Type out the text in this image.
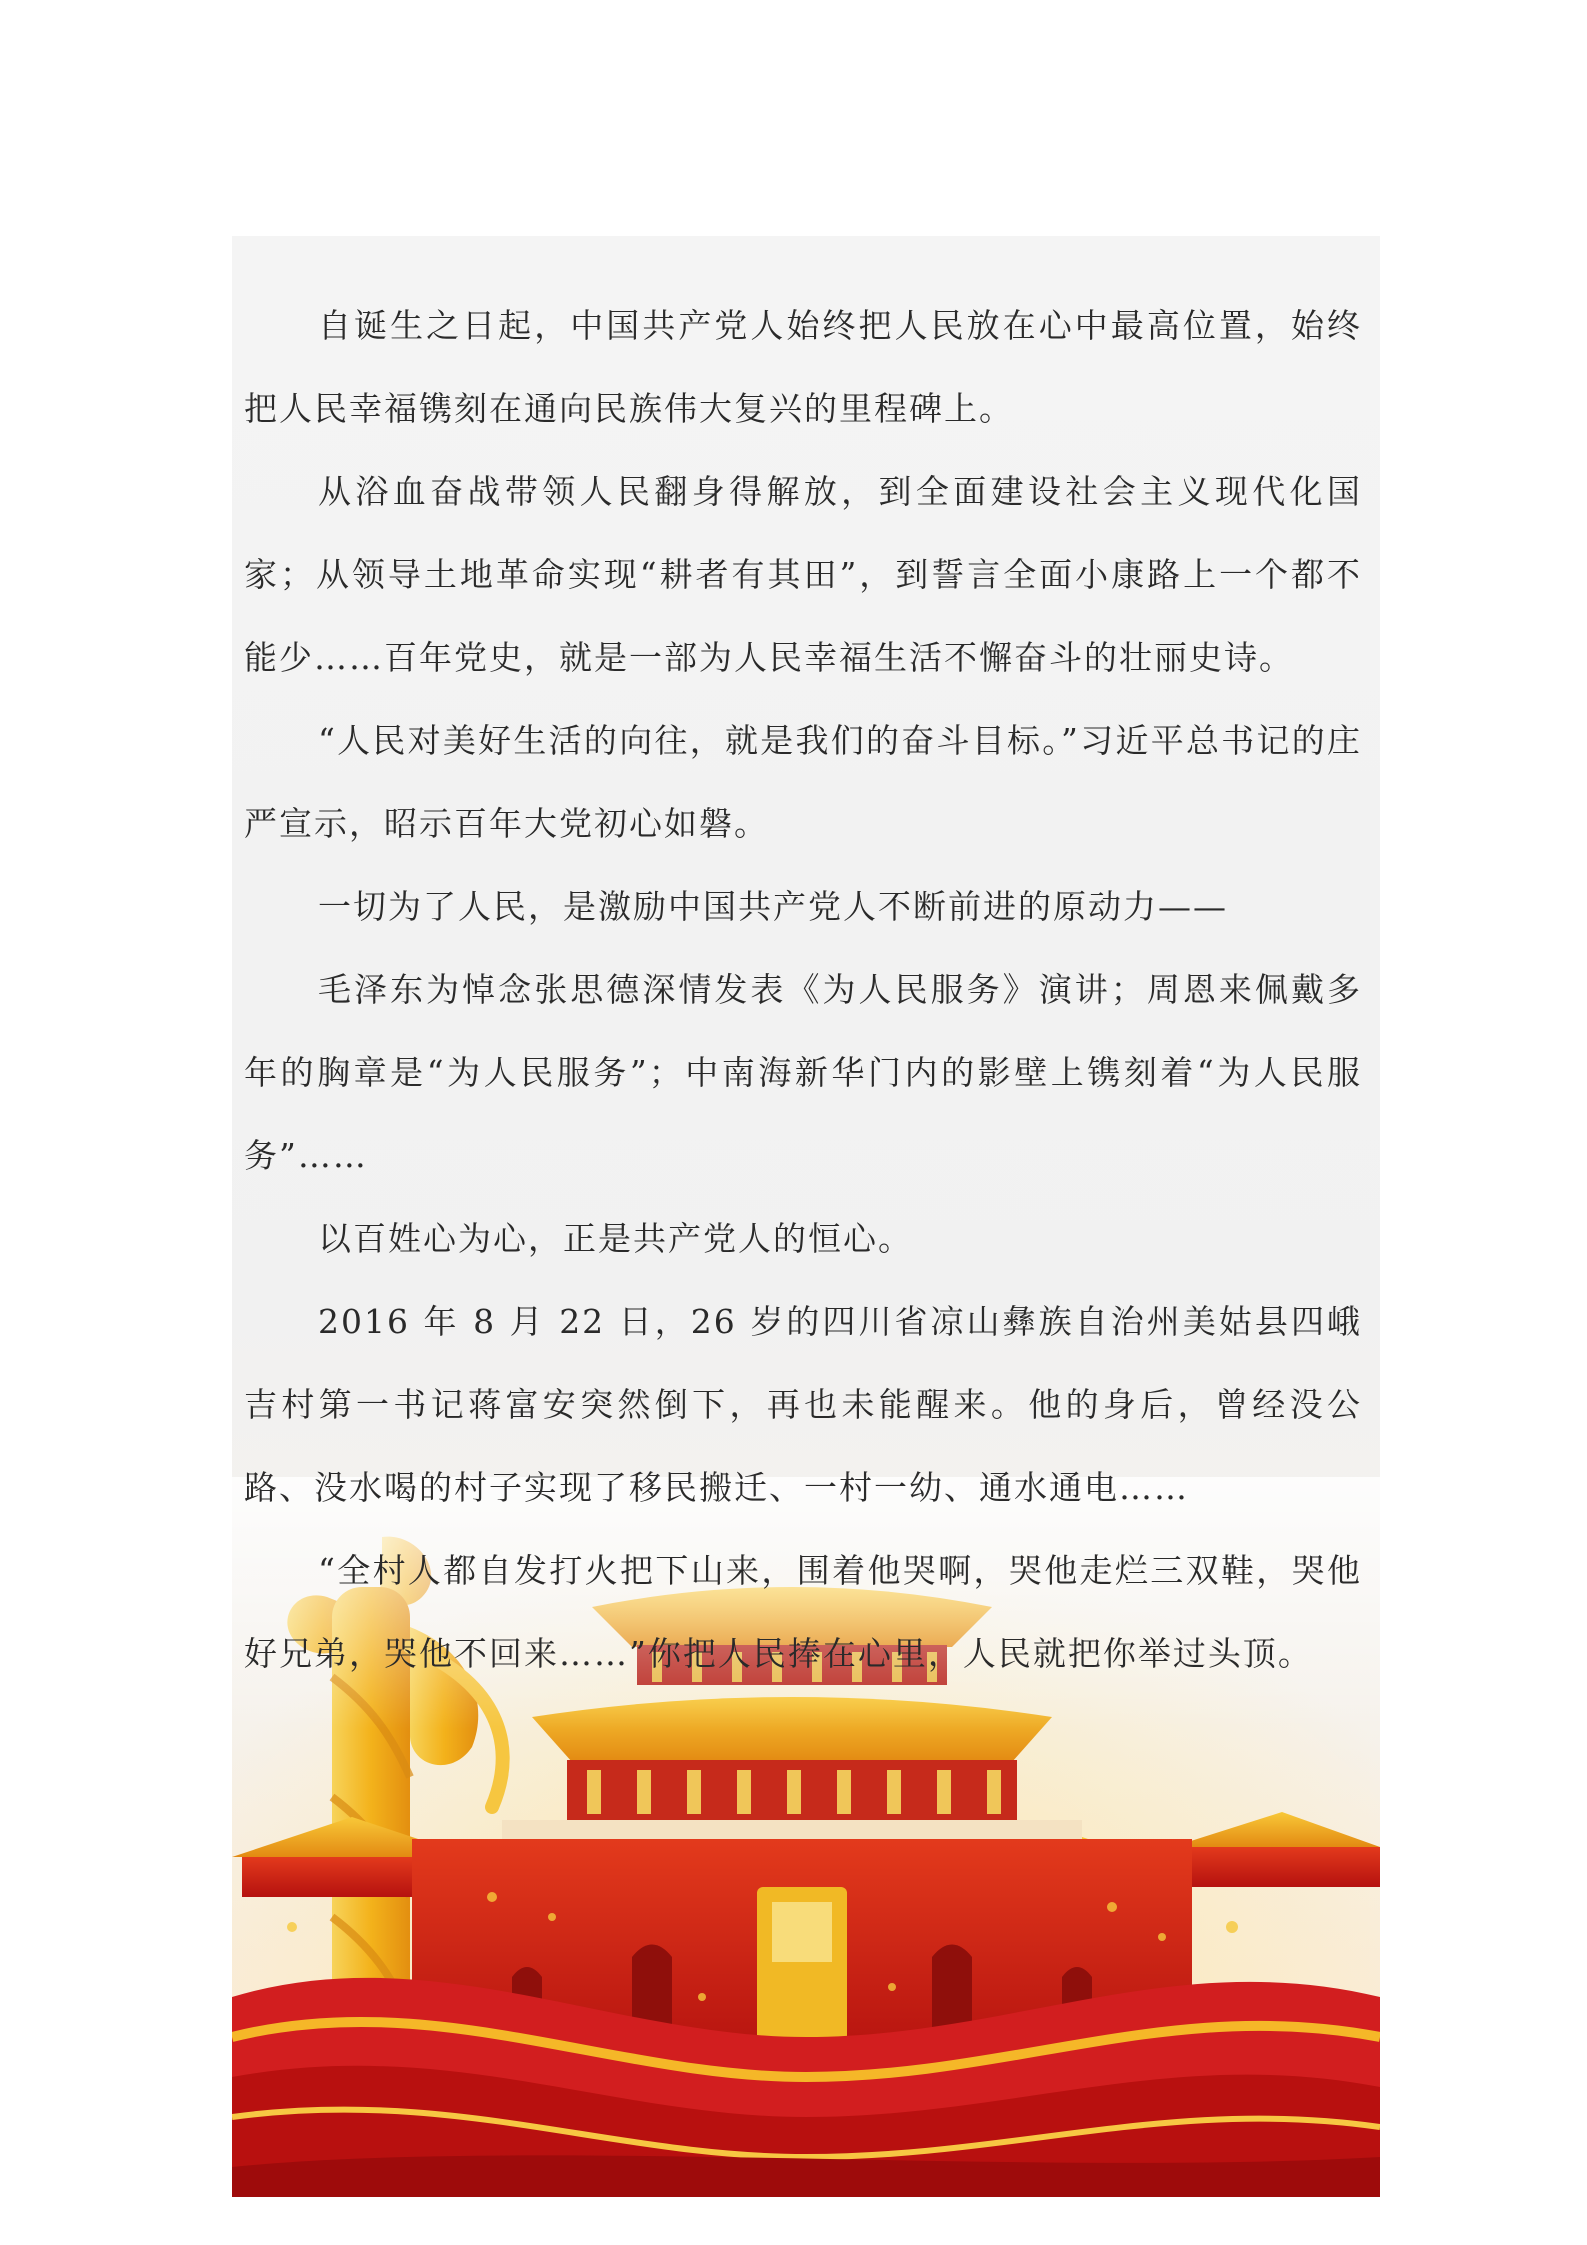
自诞生之日起，中国共产党人始终把人民放在心中最高位置，始终把人民幸福镌刻在通向民族伟大复兴的里程碑上。

从浴血奋战带领人民翻身得解放，到全面建设社会主义现代化国家；从领导土地革命实现“耕者有其田”，到誓言全面小康路上一个都不能少……百年党史，就是一部为人民幸福生活不懈奋斗的壮丽史诗。

“人民对美好生活的向往，就是我们的奋斗目标。”习近平总书记的庄严宣示，昭示百年大党初心如磐。

一切为了人民，是激励中国共产党人不断前进的原动力——

毛泽东为悼念张思德深情发表《为人民服务》演讲；周恩来佩戴多年的胸章是“为人民服务”；中南海新华门内的影壁上镌刻着“为人民服务”……

以百姓心为心，正是共产党人的恒心。

2016 年 8 月 22 日，26 岁的四川省凉山彝族自治州美姑县四峨吉村第一书记蒋富安突然倒下，再也未能醒来。他的身后，曾经没公路、没水喝的村子实现了移民搬迁、一村一幼、通水通电……

“全村人都自发打火把下山来，围着他哭啊，哭他走烂三双鞋，哭他好兄弟，哭他不回来……”你把人民捧在心里，人民就把你举过头顶。
